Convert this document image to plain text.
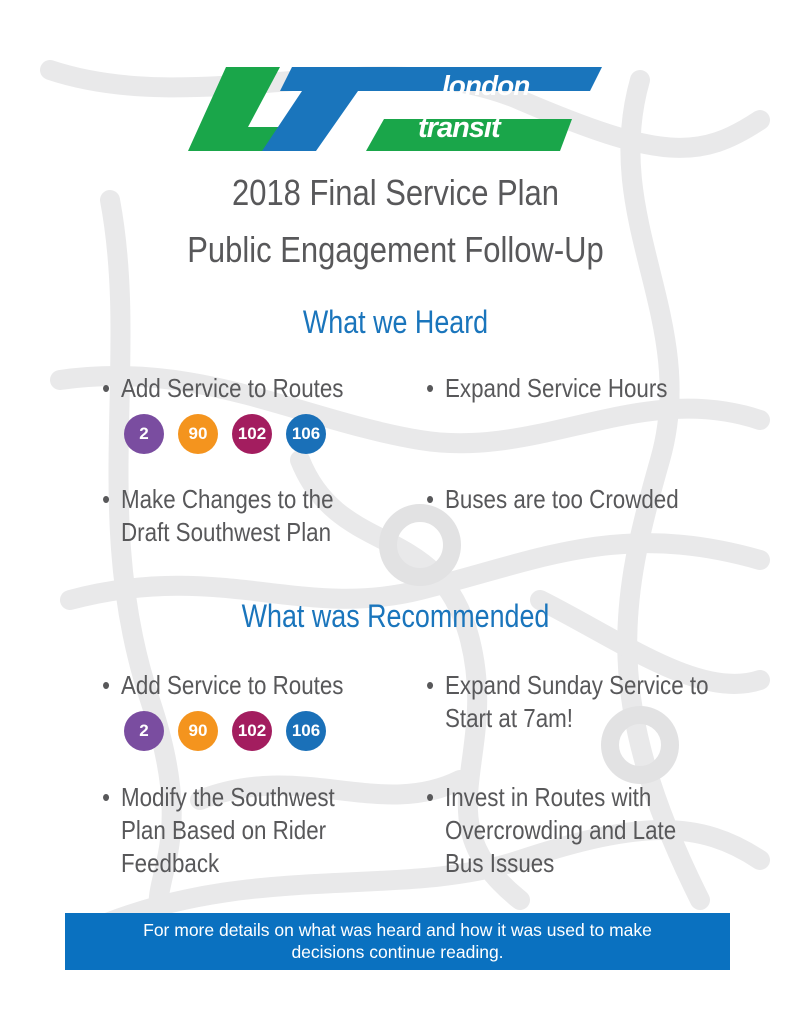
london
transit
2018 Final Service Plan
Public Engagement Follow-Up
What we Heard
• Add Service to Routes
2	90	102	106
• Expand Service Hours
• Make Changes to the
Draft Southwest Plan
• Buses are too Crowded
What was Recommended
• Add Service to Routes
2	90	102	106
• Expand Sunday Service to
Start at 7am!
• Modify the Southwest
Plan Based on Rider
Feedback
• Invest in Routes with
Overcrowding and Late
Bus Issues
For more details on what was heard and how it was used to make
decisions continue reading.
